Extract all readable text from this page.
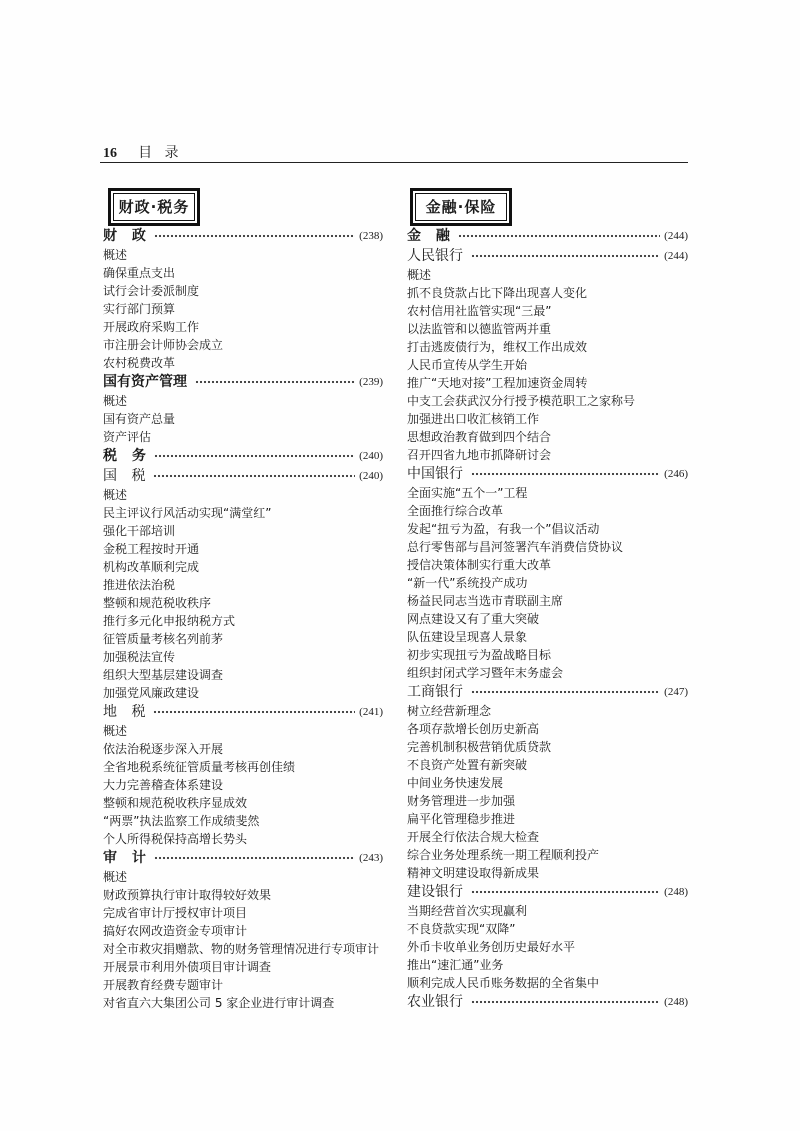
16 目 录
财政·税务
财 政	(238)
概述
确保重点支出
试行会计委派制度
实行部门预算
开展政府采购工作
市注册会计师协会成立
农村税费改革
国有资产管理	(239)
概述
国有资产总量
资产评估
税 务	(240)
国 税	(240)
概述
民主评议行风活动实现“满堂红”
强化干部培训
金税工程按时开通
机构改革顺利完成
推进依法治税
整顿和规范税收秩序
推行多元化申报纳税方式
征管质量考核名列前茅
加强税法宣传
组织大型基层建设调查
加强党风廉政建设
地 税	(241)
概述
依法治税逐步深入开展
全省地税系统征管质量考核再创佳绩
大力完善稽查体系建设
整顿和规范税收秩序显成效
“两票”执法监察工作成绩斐然
个人所得税保持高增长势头
审 计	(243)
概述
财政预算执行审计取得较好效果
完成省审计厅授权审计项目
搞好农网改造资金专项审计
对全市救灾捐赠款、物的财务管理情况进行专项审计
开展景市利用外债项目审计调查
开展教育经费专题审计
对省直六大集团公司 5 家企业进行审计调查
金融·保险
金 融	(244)
人民银行	(244)
概述
抓不良贷款占比下降出现喜人变化
农村信用社监管实现“三最”
以法监管和以德监管两并重
打击逃废债行为，维权工作出成效
人民币宣传从学生开始
推广“天地对接”工程加速资金周转
中支工会获武汉分行授予模范职工之家称号
加强进出口收汇核销工作
思想政治教育做到四个结合
召开四省九地市抓降研讨会
中国银行	(246)
全面实施“五个一”工程
全面推行综合改革
发起“扭亏为盈，有我一个”倡议活动
总行零售部与昌河签署汽车消费信贷协议
授信决策体制实行重大改革
“新一代”系统投产成功
杨益民同志当选市青联副主席
网点建设又有了重大突破
队伍建设呈现喜人景象
初步实现扭亏为盈战略目标
组织封闭式学习暨年末务虚会
工商银行	(247)
树立经营新理念
各项存款增长创历史新高
完善机制积极营销优质贷款
不良资产处置有新突破
中间业务快速发展
财务管理进一步加强
扁平化管理稳步推进
开展全行依法合规大检查
综合业务处理系统一期工程顺利投产
精神文明建设取得新成果
建设银行	(248)
当期经营首次实现赢利
不良贷款实现“双降”
外币卡收单业务创历史最好水平
推出“速汇通”业务
顺利完成人民币账务数据的全省集中
农业银行	(248)
